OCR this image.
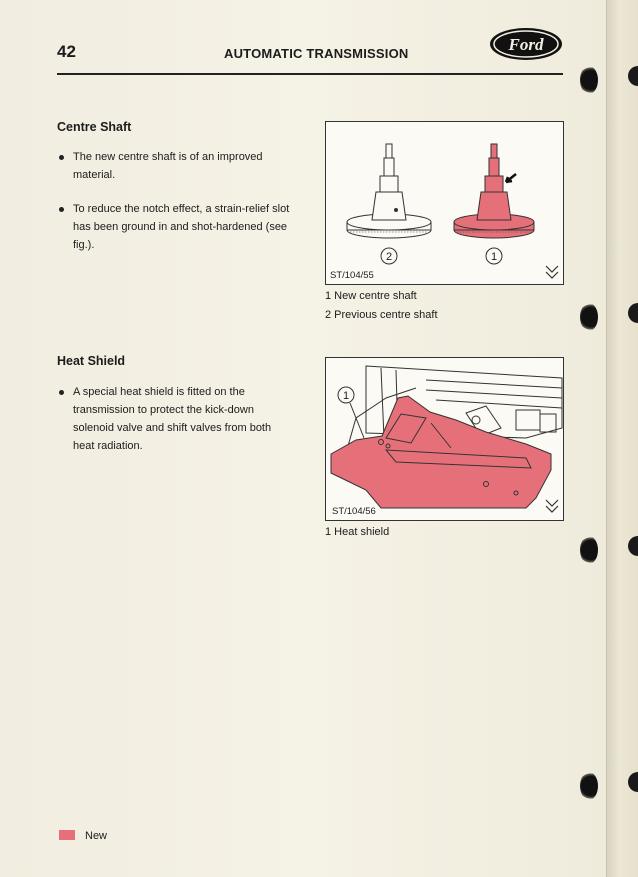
42	AUTOMATIC TRANSMISSION	Ford
Centre Shaft
The new centre shaft is of an improved material.
To reduce the notch effect, a strain-relief slot has been ground in and shot-hardened (see fig.).
2	1
ST/104/55
1 New centre shaft
2 Previous centre shaft
Heat Shield
A special heat shield is fitted on the transmission to protect the kick-down solenoid valve and shift valves from both heat radiation.
1
ST/104/56
1 Heat shield
New
